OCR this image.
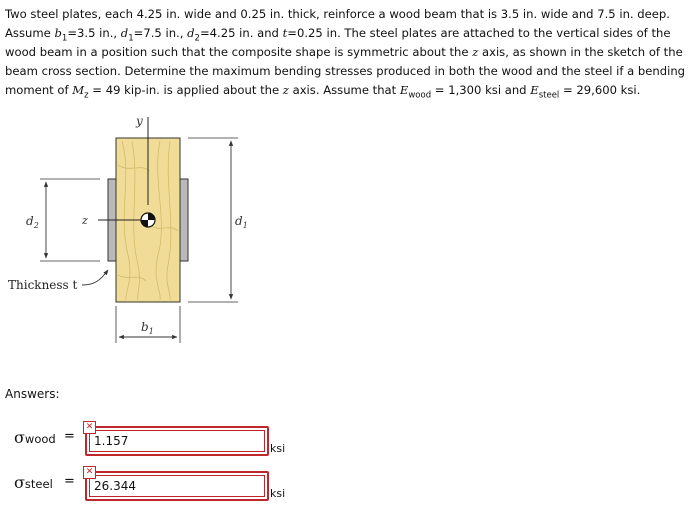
Two steel plates, each 4.25 in. wide and 0.25 in. thick, reinforce a wood beam that is 3.5 in. wide and 7.5 in. deep. Assume $b_1=3.5$ in., $d_1=7.5$ in., $d_2=4.25$ in. and t=0.25 in. The steel plates are attached to the vertical sides of the wood beam in a position such that the composite shape is symmetric about the z axis, as shown in the sketch of the beam cross section. Determine the maximum bending stresses produced in both the wood and the steel if a bending moment of $M_z = 49$ kip-in. is applied about the z axis. Assume that $E_{wood} = 1,300$ ksi and $E_{steel} = 29,600$ ksi.

y
z
$d_2$	$d_1$
$b_1$
Thickness t
Answers:
σwood =
1.157
✕
ksi
σsteel =
26.344
✕
ksi
